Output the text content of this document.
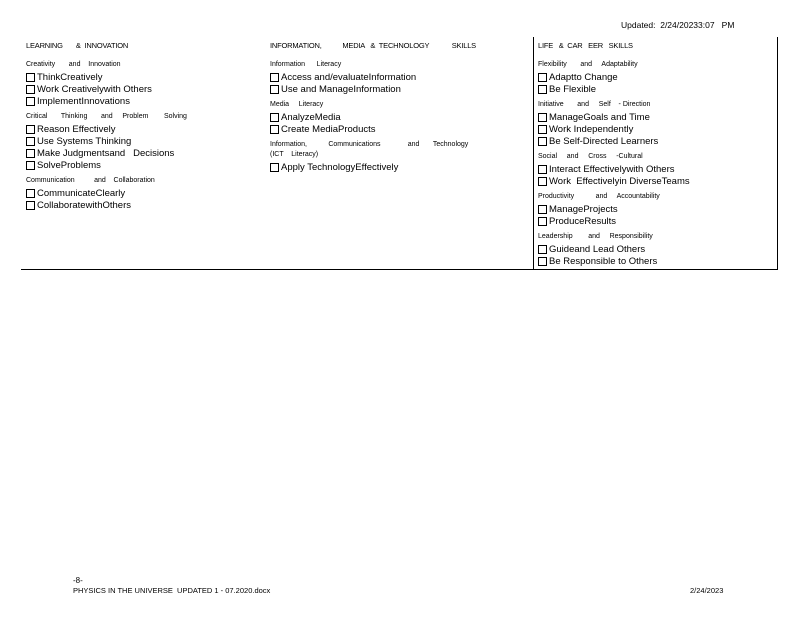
Updated:  2/24/20233:07   PM
LEARNING       &  INNOVATION
Creativity       and    Innovation
ThinkCreatively
Work Creativelywith Others
ImplementInnovations
Critical       Thinking       and     Problem        Solving
Reason Effectively
Use Systems Thinking
Make Judgmentsand   Decisions
SolveProblems
Communication          and    Collaboration
CommunicateClearly
CollaboratewithOthers
INFORMATION,           MEDIA   &  TECHNOLOGY            SKILLS
Information      Literacy
Access and/evaluateInformation
Use and ManageInformation
Media     Literacy
AnalyzeMedia
Create MediaProducts
Information,           Communications              and       Technology
(ICT    Literacy)
Apply TechnologyEffectively
LIFE   &  CAR   EER   SKILLS
Flexibility       and     Adaptability
Adaptto Change
Be Flexible
Initiative       and     Self    - Direction
ManageGoals and Time
Work Independently
Be Self-Directed Learners
Social     and     Cross     -Cultural
Interact Effectivelywith Others
Work  Effectivelyin DiverseTeams
Productivity           and     Accountability
ManageProjects
ProduceResults
Leadership        and     Responsibility
Guideand Lead Others
Be Responsible to Others
-8-
PHYSICS IN THE UNIVERSE  UPDATED 1 - 07.2020.docx	2/24/2023
